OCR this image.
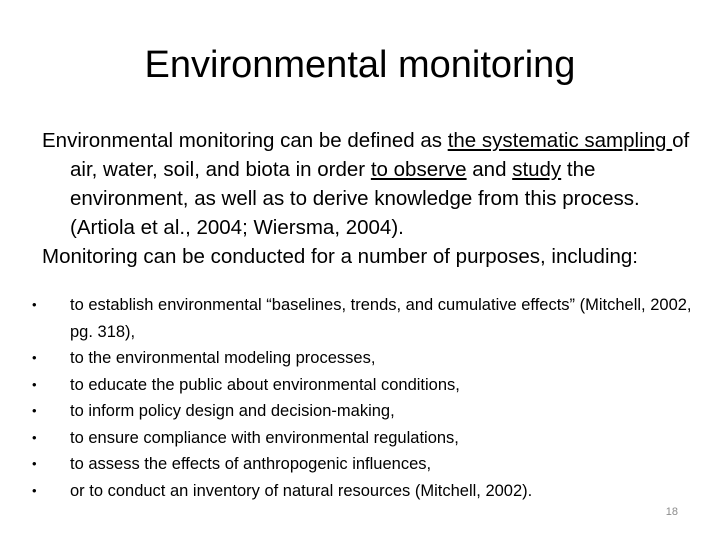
Environmental monitoring

Environmental monitoring can be defined as the systematic sampling of air, water, soil, and biota in order to observe and study the environment, as well as to derive knowledge from this process. (Artiola et al., 2004; Wiersma, 2004).

Monitoring can be conducted for a number of purposes, including:

• to establish environmental “baselines, trends, and cumulative effects” (Mitchell, 2002, pg. 318),
• to the environmental modeling processes,
• to educate the public about environmental conditions,
• to inform policy design and decision-making,
• to ensure compliance with environmental regulations,
• to assess the effects of anthropogenic influences,
• or to conduct an inventory of natural resources (Mitchell, 2002).
18
